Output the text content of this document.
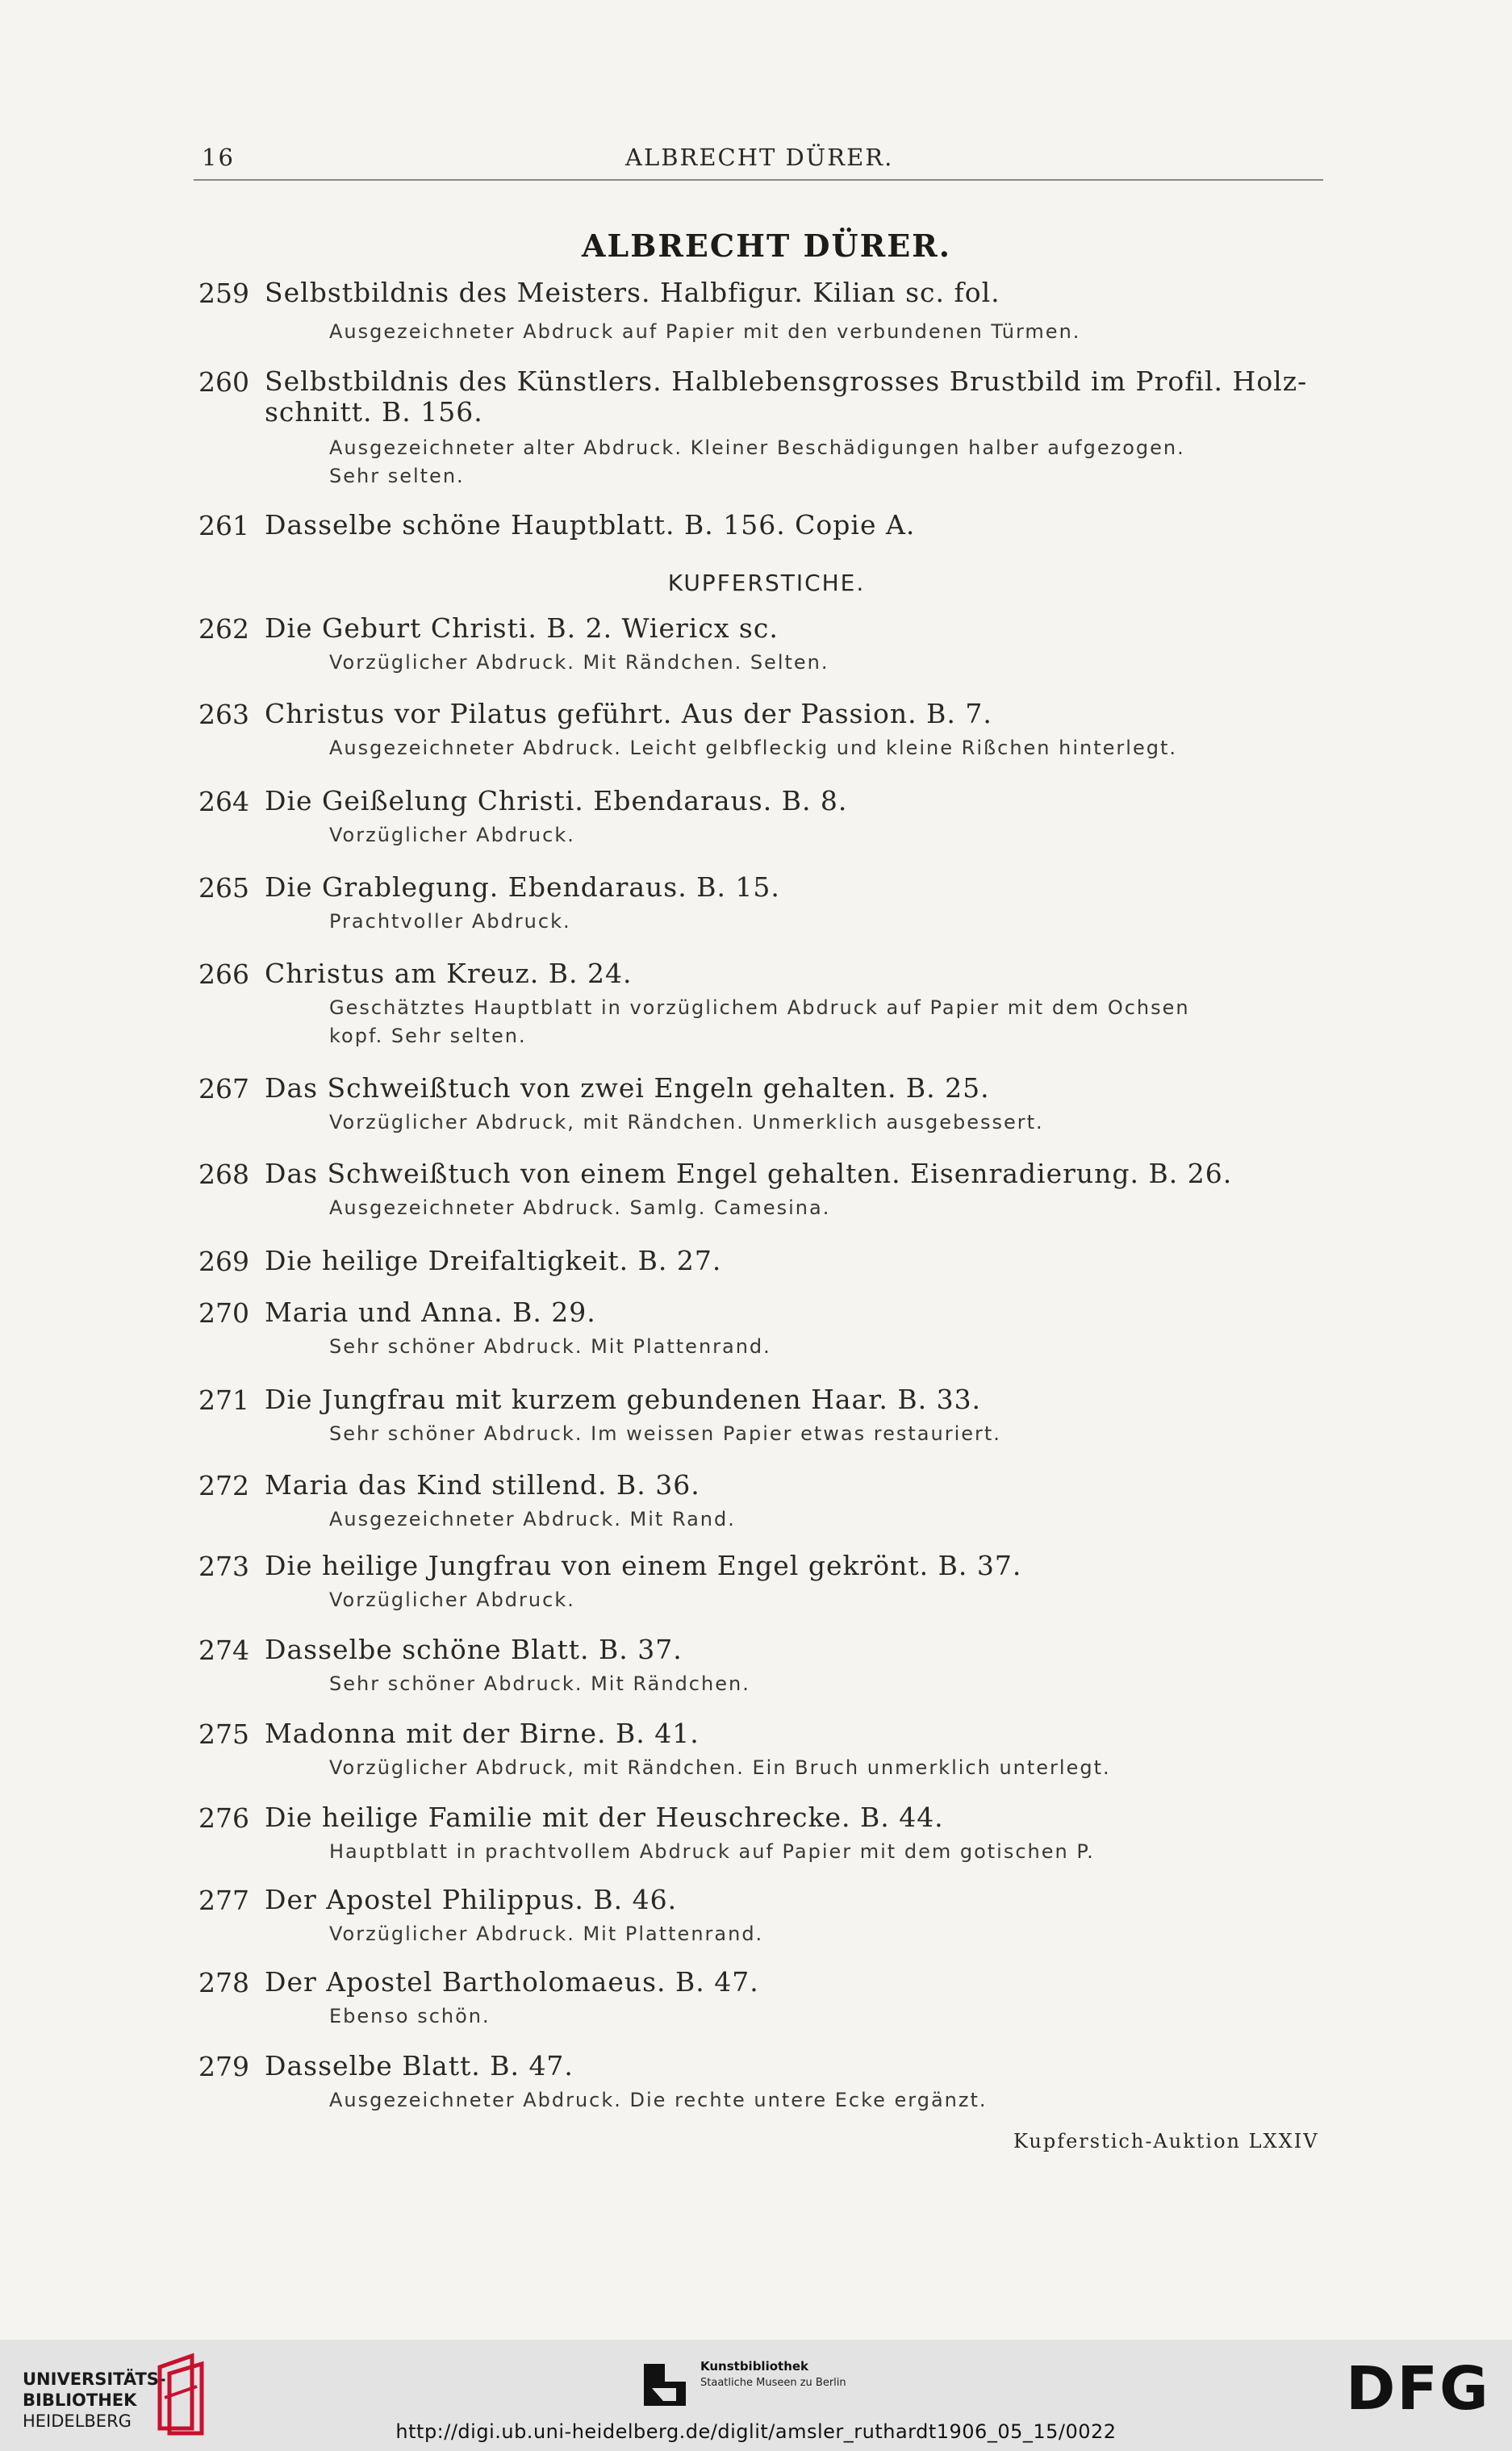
16	ALBRECHT DÜRER.
ALBRECHT DÜRER.
KUPFERSTICHE.
259 Selbstbildnis des Meisters. Halbfigur. Kilian sc. fol.
Ausgezeichneter Abdruck auf Papier mit den verbundenen Türmen.
260 Selbstbildnis des Künstlers. Halblebensgrosses Brustbild im Profil. Holz-
schnitt. B. 156.
Ausgezeichneter alter Abdruck. Kleiner Beschädigungen halber aufgezogen.
Sehr selten.
261 Dasselbe schöne Hauptblatt. B. 156. Copie A.
262 Die Geburt Christi. B. 2. Wiericx sc.
Vorzüglicher Abdruck. Mit Rändchen. Selten.
263 Christus vor Pilatus geführt. Aus der Passion. B. 7.
Ausgezeichneter Abdruck. Leicht gelbfleckig und kleine Rißchen hinterlegt.
264 Die Geißelung Christi. Ebendaraus. B. 8.
Vorzüglicher Abdruck.
265 Die Grablegung. Ebendaraus. B. 15.
Prachtvoller Abdruck.
266 Christus am Kreuz. B. 24.
Geschätztes Hauptblatt in vorzüglichem Abdruck auf Papier mit dem Ochsen
kopf. Sehr selten.
267 Das Schweißtuch von zwei Engeln gehalten. B. 25.
Vorzüglicher Abdruck, mit Rändchen. Unmerklich ausgebessert.
268 Das Schweißtuch von einem Engel gehalten. Eisenradierung. B. 26.
Ausgezeichneter Abdruck. Samlg. Camesina.
269 Die heilige Dreifaltigkeit. B. 27.
270 Maria und Anna. B. 29.
Sehr schöner Abdruck. Mit Plattenrand.
271 Die Jungfrau mit kurzem gebundenen Haar. B. 33.
Sehr schöner Abdruck. Im weissen Papier etwas restauriert.
272 Maria das Kind stillend. B. 36.
Ausgezeichneter Abdruck. Mit Rand.
273 Die heilige Jungfrau von einem Engel gekrönt. B. 37.
Vorzüglicher Abdruck.
274 Dasselbe schöne Blatt. B. 37.
Sehr schöner Abdruck. Mit Rändchen.
275 Madonna mit der Birne. B. 41.
Vorzüglicher Abdruck, mit Rändchen. Ein Bruch unmerklich unterlegt.
276 Die heilige Familie mit der Heuschrecke. B. 44.
Hauptblatt in prachtvollem Abdruck auf Papier mit dem gotischen P.
277 Der Apostel Philippus. B. 46.
Vorzüglicher Abdruck. Mit Plattenrand.
278 Der Apostel Bartholomaeus. B. 47.
Ebenso schön.
279 Dasselbe Blatt. B. 47.
Ausgezeichneter Abdruck. Die rechte untere Ecke ergänzt.
Kupferstich-Auktion LXXIV
UNIVERSITÄTS-
BIBLIOTHEK
HEIDELBERG
Kunstbibliothek
Staatliche Museen zu Berlin	DFG
http://digi.ub.uni-heidelberg.de/diglit/amsler_ruthardt1906_05_15/0022
